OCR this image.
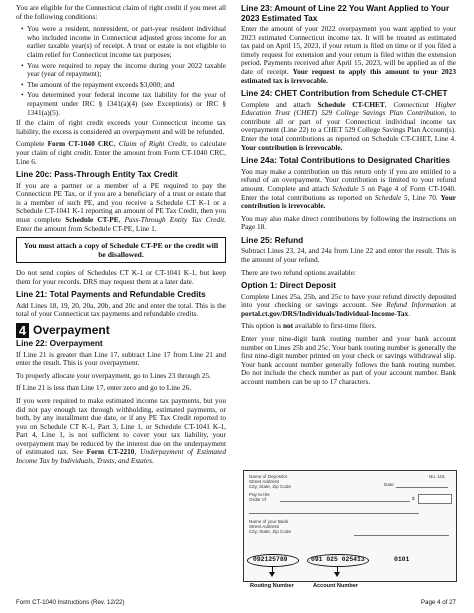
You are eligible for the Connecticut claim of right credit if you meet all of the following conditions:

• You were a resident, nonresident, or part-year resident individual who included income in Connecticut adjusted gross income for an earlier taxable year(s) of receipt. A trust or estate is not eligible to claim relief for Connecticut income tax purposes;
• You were required to repay the income during your 2022 taxable year (year of repayment);
• The amount of the repayment exceeds $3,000; and
• You determined your federal income tax liability for the year of repayment under IRC § 1341(a)(4) (see Exceptions) or IRC § 1341(a)(5).

If the claim of right credit exceeds your Connecticut income tax liability, the excess is considered an overpayment and will be refunded.

Complete Form CT-1040 CRC, Claim of Right Credit, to calculate your claim of right credit. Enter the amount from Form CT-1040 CRC, Line 6.

Line 20c: Pass-Through Entity Tax Credit

If you are a partner or a member of a PE required to pay the Connecticut PE Tax, or if you are a beneficiary of a trust or estate that is a member of such PE, and you receive a Schedule CT K-1 or a Schedule CT-1041 K-1 reporting an amount of PE Tax Credit, then you must complete Schedule CT-PE, Pass-Through Entity Tax Credit. Enter the amount from Schedule CT-PE, Line 1.

You must attach a copy of Schedule CT-PE or the credit will be disallowed.

Do not send copies of Schedules CT K-1 or CT-1041 K-1, but keep them for your records. DRS may request them at a later date.

Line 21: Total Payments and Refundable Credits

Add Lines 18, 19, 20, 20a, 20b, and 20c and enter the total. This is the total of your Connecticut tax payments and refundable credits.

4 Overpayment
Line 22: Overpayment

If Line 21 is greater than Line 17, subtract Line 17 from Line 21 and enter the result. This is your overpayment.

To properly allocate your overpayment, go to Lines 23 through 25.

If Line 21 is less than Line 17, enter zero and go to Line 26.

If you were required to make estimated income tax payments, but you did not pay enough tax through withholding, estimated payments, or both, by any installment due date, or if any PE Tax Credit reported to you on Schedule CT K-1, Part 3, Line 1, or Schedule CT-1041 K-1, Part 4, Line 1, is not sufficient to cover your tax liability, your overpayment may be reduced by the interest due on the underpayment of estimated tax. See Form CT-2210, Underpayment of Estimated Income Tax by Individuals, Trusts, and Estates.

Line 23: Amount of Line 22 You Want Applied to Your 2023 Estimated Tax

Enter the amount of your 2022 overpayment you want applied to your 2023 estimated Connecticut income tax. It will be treated as estimated tax paid on April 15, 2023, if your return is filed on time or if you filed a timely request for extension and your return is filed within the extension period. Payments received after April 15, 2023, will be applied as of the date of receipt. Your request to apply this amount to your 2023 estimated tax is irrevocable.

Line 24: CHET Contribution from Schedule CT-CHET

Complete and attach Schedule CT-CHET, Connecticut Higher Education Trust (CHET) 529 College Savings Plan Contribution, to contribute all or part of your Connecticut individual income tax overpayment (Line 22) to a CHET 529 College Savings Plan Account(s). Enter the total contributions as reported on Schedule CT-CHET, Line 4. Your contribution is irrevocable.

Line 24a: Total Contributions to Designated Charities

You may make a contribution on this return only if you are entitled to a refund of an overpayment. Your contribution is limited to your refund amount. Complete and attach Schedule 5 on Page 4 of Form CT-1040. Enter the total contributions as reported on Schedule 5, Line 70. Your contribution is irrevocable.

You may also make direct contributions by following the instructions on Page 18.

Line 25: Refund

Subtract Lines 23, 24, and 24a from Line 22 and enter the result. This is the amount of your refund.

There are two refund options available:

Option 1: Direct Deposit

Complete Lines 25a, 25b, and 25c to have your refund directly deposited into your checking or savings account. See Refund Information at portal.ct.gov/DRS/Individuals/Individual-Income-Tax.

This option is not available to first-time filers.

Enter your nine-digit bank routing number and your bank account number on Lines 25b and 25c. Your bank routing number is generally the first nine-digit number printed on your check or savings withdrawal slip. Your bank account number generally follows the bank routing number. Do not include the check number as part of your account number. Bank account numbers can be up to 17 characters.

Name of Depositor
Street Address
City, State, Zip Code
No. 101
Date
Pay to the Order of	$
Name of your Bank
Street Address
City, State, Zip Code
092125789	091 025 025413	0101
Routing Number	Account Number
Form CT-1040 Instructions (Rev. 12/22)	Page 4 of 27
